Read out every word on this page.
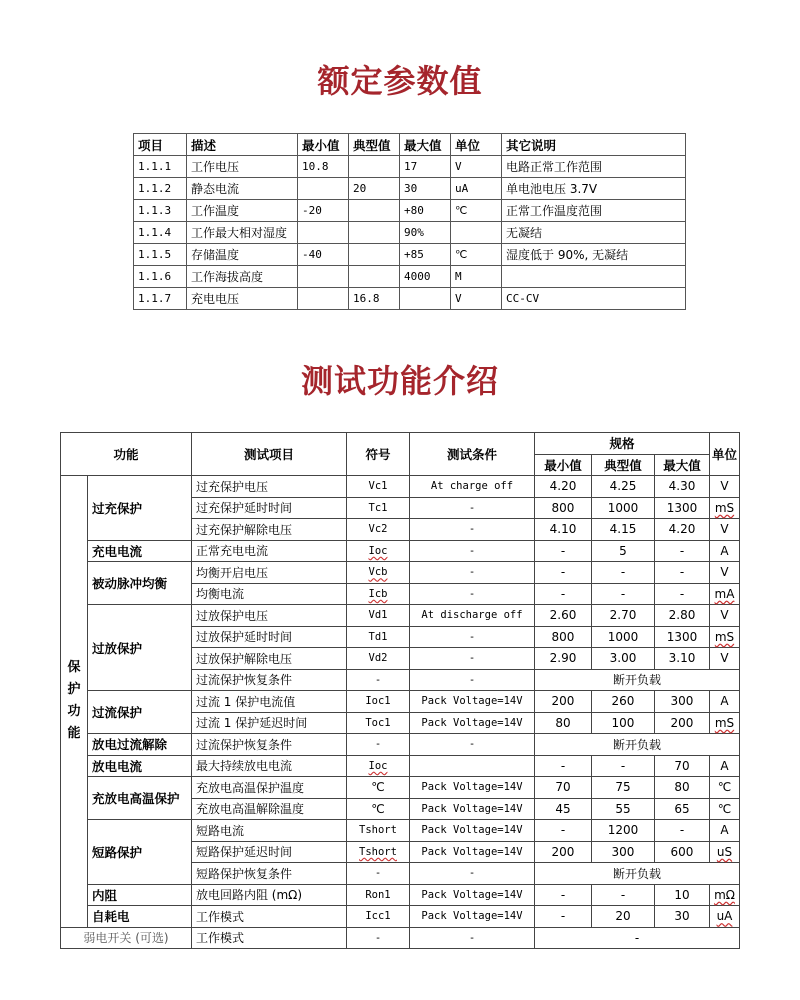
额定参数值
项目	描述	最小值	典型值	最大值	单位	其它说明
1.1.1	工作电压	10.8		17	V	电路正常工作范围
1.1.2	静态电流		20	30	uA	单电池电压 3.7V
1.1.3	工作温度	-20		+80	℃	正常工作温度范围
1.1.4	工作最大相对湿度			90%		无凝结
1.1.5	存储温度	-40		+85	℃	湿度低于 90%, 无凝结
1.1.6	工作海拔高度			4000	M	
1.1.7	充电电压		16.8		V	CC-CV
测试功能介绍
功能		测试项目	符号	测试条件	规格			单位
					最小值	典型值	最大值	

保
护
功
能	过充保护	过充保护电压	Vc1	At charge off	4.20	4.25	4.30	V
		过充保护延时时间	Tc1	-	800	1000	1300	mS
		过充保护解除电压	Vc2	-	4.10	4.15	4.20	V
	充电电流	正常充电电流	Ioc	-	-	5	-	A
	被动脉冲均衡	均衡开启电压	Vcb	-	-	-	-	V
		均衡电流	Icb	-	-	-	-	mA
	过放保护	过放保护电压	Vd1	At discharge off	2.60	2.70	2.80	V
		过放保护延时时间	Td1	-	800	1000	1300	mS
		过放保护解除电压	Vd2	-	2.90	3.00	3.10	V
		过流保护恢复条件	-	-	断开负载			
	过流保护	过流 1 保护电流值	Ioc1	Pack Voltage=14V	200	260	300	A
		过流 1 保护延迟时间	Toc1	Pack Voltage=14V	80	100	200	mS
	放电过流解除	过流保护恢复条件	-	-	断开负载			
	放电电流	最大持续放电电流	Ioc		-	-	70	A
	充放电高温保护	充放电高温保护温度	℃	Pack Voltage=14V	70	75	80	℃
		充放电高温解除温度	℃	Pack Voltage=14V	45	55	65	℃
	短路保护	短路电流	Tshort	Pack Voltage=14V	-	1200	-	A
		短路保护延迟时间	Tshort	Pack Voltage=14V	200	300	600	uS
		短路保护恢复条件	-	-	断开负载			
	内阻	放电回路内阻 (mΩ)	Ron1	Pack Voltage=14V	-	-	10	mΩ
	自耗电	工作模式	Icc1	Pack Voltage=14V	-	20	30	uA
弱电开关 (可选)		工作模式	-	-	-			
